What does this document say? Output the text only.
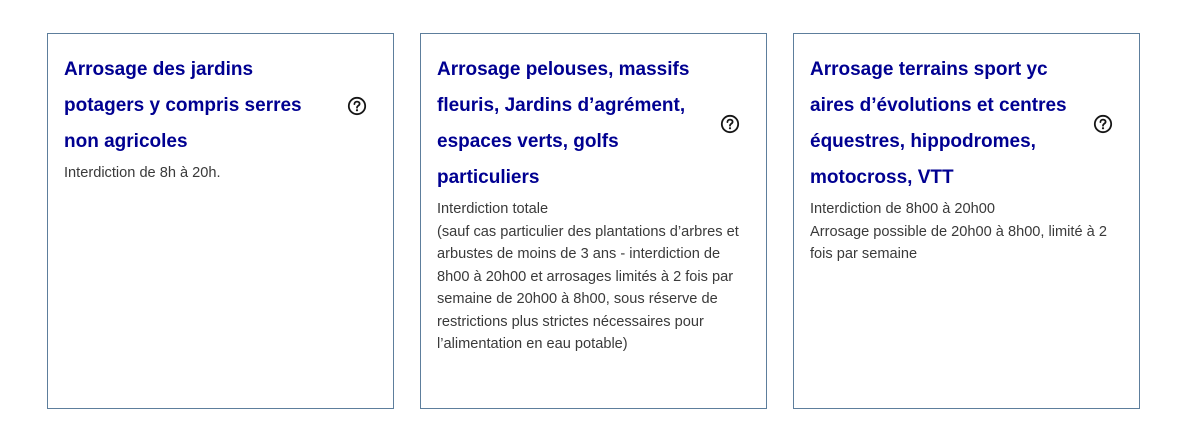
Arrosage des jardins potagers y compris serres non agricoles

Interdiction de 8h à 20h.

Arrosage pelouses, massifs fleuris, Jardins d’agrément, espaces verts, golfs particuliers

Interdiction totale
(sauf cas particulier des plantations d’arbres et arbustes de moins de 3 ans - interdiction de 8h00 à 20h00 et arrosages limités à 2 fois par semaine de 20h00 à 8h00, sous réserve de restrictions plus strictes nécessaires pour l’alimentation en eau potable)

Arrosage terrains sport yc aires d’évolutions et centres équestres, hippodromes, motocross, VTT

Interdiction de 8h00 à 20h00
Arrosage possible de 20h00 à 8h00, limité à 2 fois par semaine
